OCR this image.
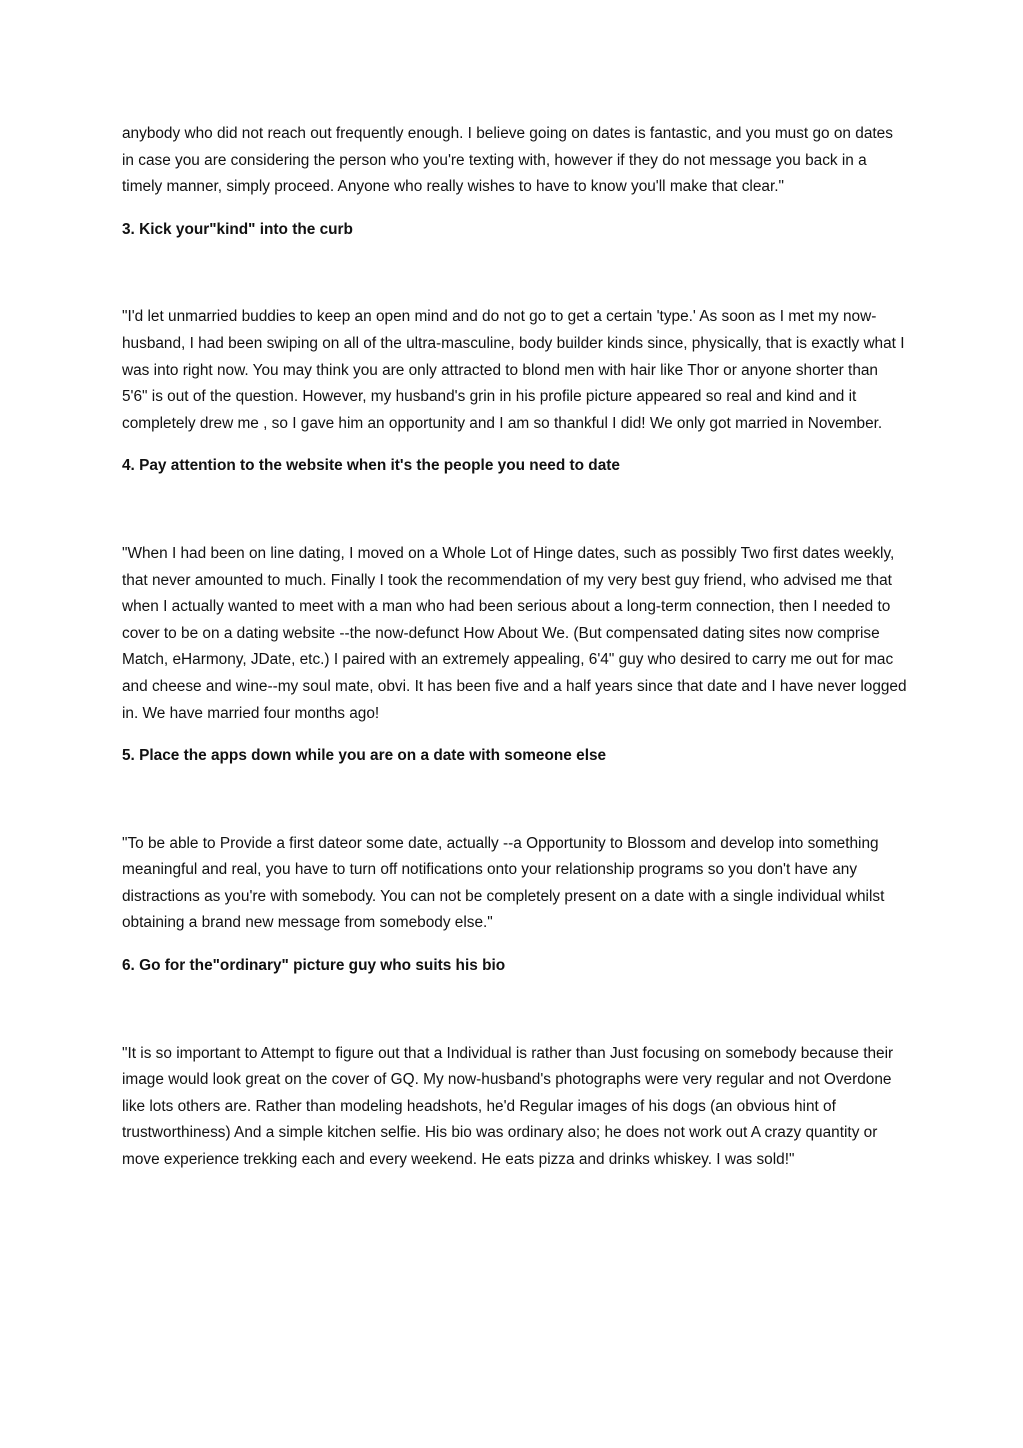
anybody who did not reach out frequently enough. I believe going on dates is fantastic, and you must go on dates in case you are considering the person who you're texting with, however if they do not message you back in a timely manner, simply proceed. Anyone who really wishes to have to know you'll make that clear."

3. Kick your"kind" into the curb

"I'd let unmarried buddies to keep an open mind and do not go to get a certain 'type.' As soon as I met my now-husband, I had been swiping on all of the ultra-masculine, body builder kinds since, physically, that is exactly what I was into right now. You may think you are only attracted to blond men with hair like Thor or anyone shorter than 5'6" is out of the question. However, my husband's grin in his profile picture appeared so real and kind and it completely drew me , so I gave him an opportunity and I am so thankful I did! We only got married in November.

4. Pay attention to the website when it's the people you need to date

"When I had been on line dating, I moved on a Whole Lot of Hinge dates, such as possibly Two first dates weekly, that never amounted to much. Finally I took the recommendation of my very best guy friend, who advised me that when I actually wanted to meet with a man who had been serious about a long-term connection, then I needed to cover to be on a dating website --the now-defunct How About We. (But compensated dating sites now comprise Match, eHarmony, JDate, etc.) I paired with an extremely appealing, 6'4" guy who desired to carry me out for mac and cheese and wine--my soul mate, obvi. It has been five and a half years since that date and I have never logged in. We have married four months ago!

5. Place the apps down while you are on a date with someone else

"To be able to Provide a first dateor some date, actually --a Opportunity to Blossom and develop into something meaningful and real, you have to turn off notifications onto your relationship programs so you don't have any distractions as you're with somebody. You can not be completely present on a date with a single individual whilst obtaining a brand new message from somebody else."

6. Go for the"ordinary" picture guy who suits his bio

"It is so important to Attempt to figure out that a Individual is rather than Just focusing on somebody because their image would look great on the cover of GQ. My now-husband's photographs were very regular and not Overdone like lots others are. Rather than modeling headshots, he'd Regular images of his dogs (an obvious hint of trustworthiness) And a simple kitchen selfie. His bio was ordinary also; he does not work out A crazy quantity or move experience trekking each and every weekend. He eats pizza and drinks whiskey. I was sold!"
